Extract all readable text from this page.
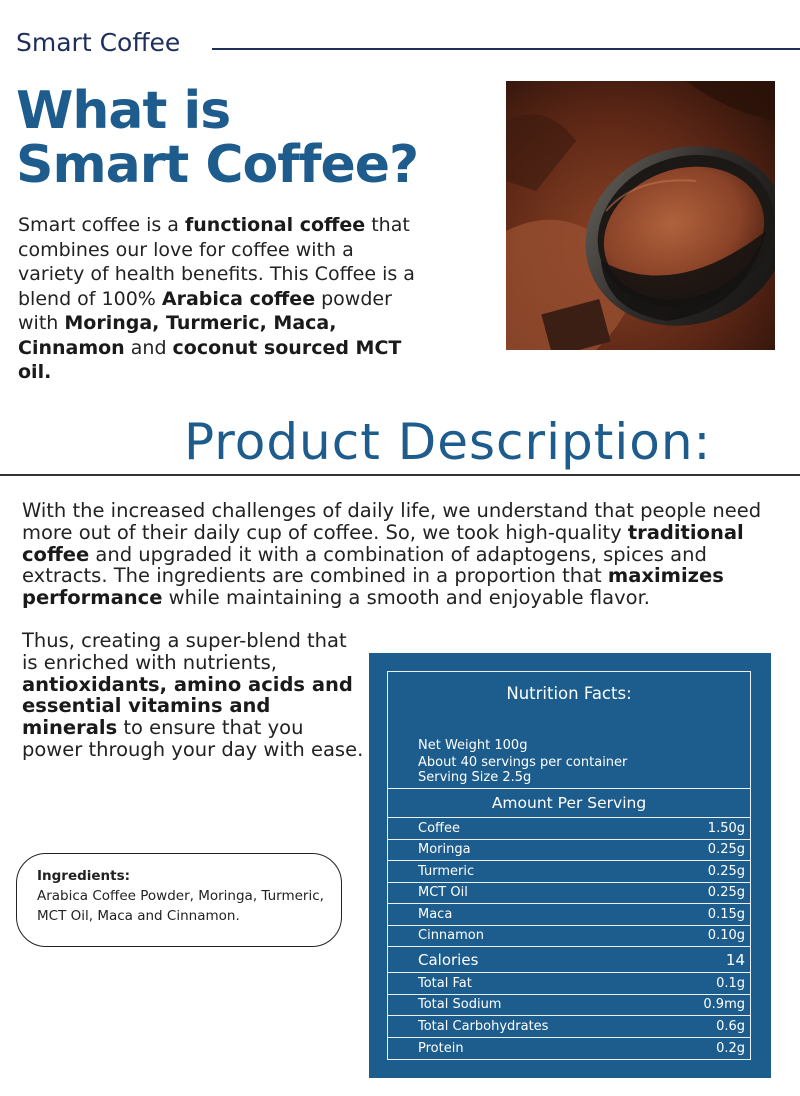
Smart Coffee
What is
Smart Coffee?
Smart coffee is a functional coffee that combines our love for coffee with a variety of health benefits. This Coffee is a blend of 100% Arabica coffee powder with Moringa, Turmeric, Maca, Cinnamon and coconut sourced MCT oil.
Product Description:
With the increased challenges of daily life, we understand that people need more out of their daily cup of coffee. So, we took high-quality traditional coffee and upgraded it with a combination of adaptogens, spices and extracts. The ingredients are combined in a proportion that maximizes performance while maintaining a smooth and enjoyable flavor.
Thus, creating a super-blend that is enriched with nutrients, antioxidants, amino acids and essential vitamins and minerals to ensure that you power through your day with ease.
Ingredients:
Arabica Coffee Powder, Moringa, Turmeric, MCT Oil, Maca and Cinnamon.
Nutrition Facts:
Net Weight 100g
About 40 servings per container
Serving Size 2.5g
Amount Per Serving
Coffee	1.50g
Moringa	0.25g
Turmeric	0.25g
MCT Oil	0.25g
Maca	0.15g
Cinnamon	0.10g
Calories	14
Total Fat	0.1g
Total Sodium	0.9mg
Total Carbohydrates	0.6g
Protein	0.2g
